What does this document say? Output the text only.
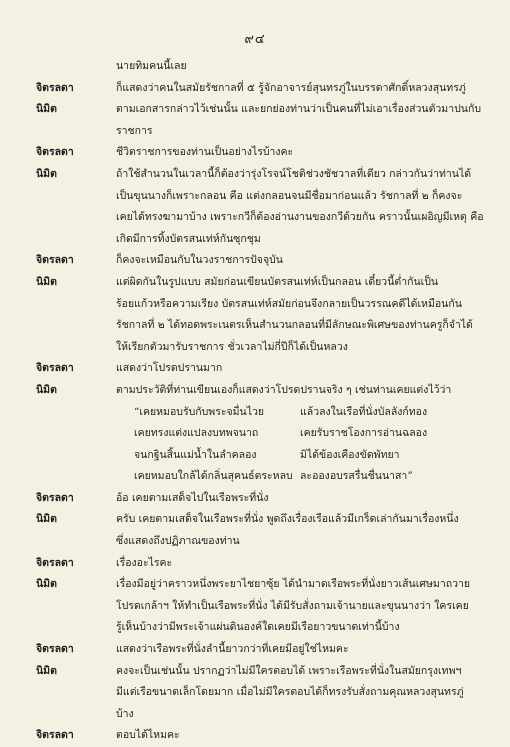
๙๔
นายทิมคนนี้เลย
จิตรลดา	ก็แสดงว่าคนในสมัยรัชกาลที่ ๕ รู้จักอาจารย์สุนทรภู่ในบรรดาศักดิ์หลวงสุนทรภู่
นิมิต	ตามเอกสารกล่าวไว้เช่นนั้น และยกย่องท่านว่าเป็นคนที่ไม่เอาเรื่องส่วนตัวมาปนกับ
ราชการ
จิตรลดา	ชีวิตราชการของท่านเป็นอย่างไรบ้างคะ
นิมิต	ถ้าใช้สำนวนในเวลานี้ก็ต้องว่ารุ่งโรจน์โชติช่วงชัชวาลที่เดียว กล่าวกันว่าท่านได้
เป็นขุนนางก็เพราะกลอน คือ แต่งกลอนจนมีชื่อมาก่อนแล้ว รัชกาลที่ ๒ ก็คงจะ
เคยได้ทรงฆามาบ้าง เพราะกวีก็ต้องอ่านงานของกวีด้วยกัน คราวนั้นเผอิญมีเหตุ คือ
เกิดมีการทิ้งบัตรสนเท่ห์กันซุกชุม
จิตรลดา	ก็คงจะเหมือนกับในวงราชการปัจจุบัน
นิมิต	แต่ผิดกันในรูปแบบ สมัยก่อนเขียนบัตรสนเท่ห์เป็นกลอน เดี๋ยวนี้ต่ำกันเป็น
ร้อยแก้วหรือความเรียง บัตรสนเท่ห์สมัยก่อนจึงกลายเป็นวรรณคดีได้เหมือนกัน
รัชกาลที่ ๒ ได้ทอดพระเนตรเห็นสำนวนกลอนที่มีลักษณะพิเศษของท่านครูก็จำได้
ให้เรียกตัวมารับราชการ ชั่วเวลาไม่กี่ปีก็ได้เป็นหลวง
จิตรลดา	แสดงว่าโปรดปรานมาก
นิมิต	ตามประวัติที่ท่านเขียนเองก็แสดงว่าโปรดปรานจริง ๆ เช่นท่านเคยแต่งไว้ว่า
“เคยหมอบรับกับพระจมื่นไวย	แล้วลงในเรือที่นั่งบัลลังก์ทอง
เคยทรงแต่งแปลงบทพจนาถ	เคยรับราชโองการอ่านฉลอง
จนกฐินสิ้นแม่น้ำในลำคลอง	มิได้ข้องเคืองขัดพัทยา
เคยหมอบใกล้ได้กลิ่นสุคนธ์ตระหลบ ละอองอบรสรื่นชื่นนาสา”
จิตรลดา	อ้อ เคยตามเสด็จไปในเรือพระที่นั่ง
นิมิต	ครับ เคยตามเสด็จในเรือพระที่นั่ง พูดถึงเรื่องเรือแล้วมีเกร็ดเล่ากันมาเรื่องหนึ่ง
ซึ่งแสดงถึงปฏิภาณของท่าน
จิตรลดา	เรื่องอะไรคะ
นิมิต	เรื่องมีอยู่ว่าคราวหนึ่งพระยาไชยาซุ้ย ได้นำมาดเรือพระที่นั่งยาวเส้นเศษมาถวาย
โปรดเกล้าฯ ให้ทำเป็นเรือพระที่นั่ง ได้มีรับสั่งถามเจ้านายและขุนนางว่า ใครเคย
รู้เห็นบ้างว่ามีพระเจ้าแผ่นดินองค์ใดเคยมีเรือยาวขนาดเท่านี้บ้าง
จิตรลดา	แสดงว่าเรือพระที่นั่งลำนี้ยาวกว่าที่เคยมีอยู่ใช่ไหมคะ
นิมิต	คงจะเป็นเช่นนั้น ปรากฏว่าไม่มีใครตอบได้ เพราะเรือพระที่นั่งในสมัยกรุงเทพฯ
มีแต่เรือขนาดเล็กโดยมาก เมื่อไม่มีใครตอบได้ก็ทรงรับสั่งถามคุณหลวงสุนทรภู่
บ้าง
จิตรลดา	ตอบได้ไหมคะ
